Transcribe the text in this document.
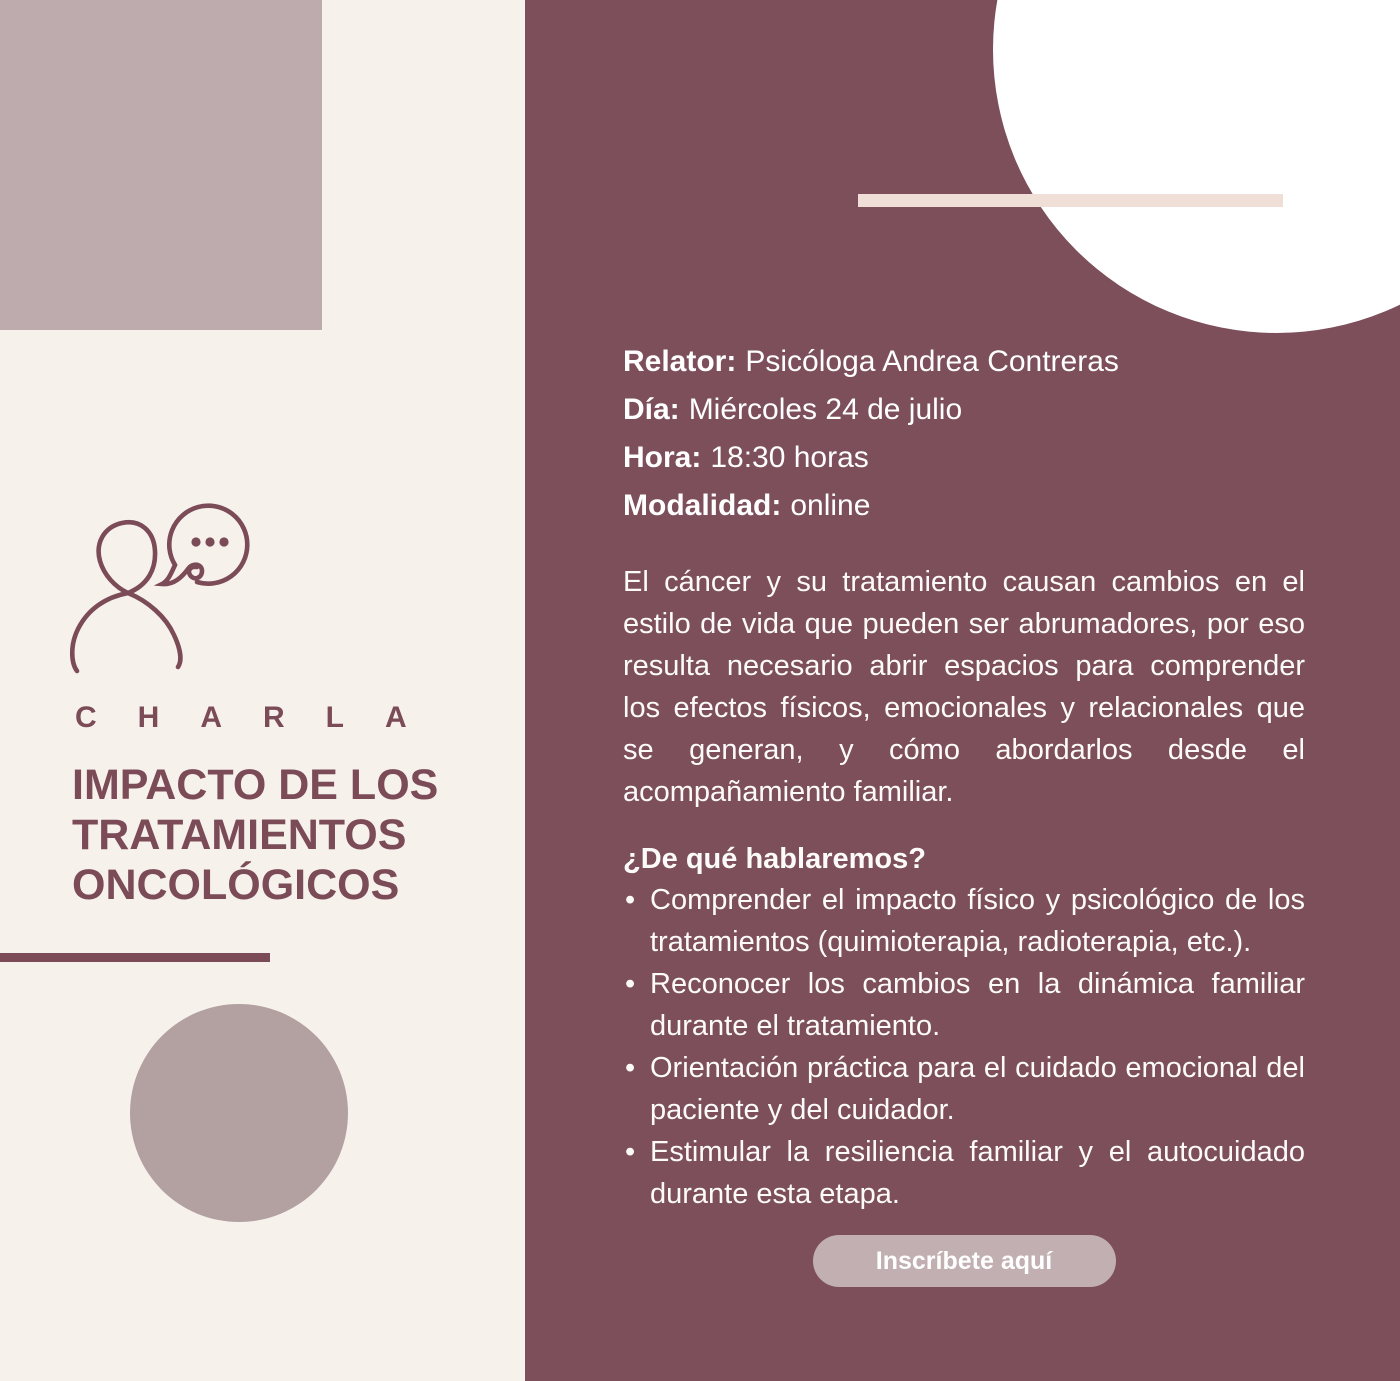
CHARLA
IMPACTO DE LOS
TRATAMIENTOS
ONCOLÓGICOS
Relator: Psicóloga Andrea Contreras
Día: Miércoles 24 de julio
Hora: 18:30 horas
Modalidad: online

El cáncer y su tratamiento causan cambios en el estilo de vida que pueden ser abrumadores, por eso resulta necesario abrir espacios para comprender los efectos físicos, emocionales y relacionales que se generan, y cómo abordarlos desde el acompañamiento familiar.

¿De qué hablaremos?
• Comprender el impacto físico y psicológico de los tratamientos (quimioterapia, radioterapia, etc.).
• Reconocer los cambios en la dinámica familiar durante el tratamiento.
• Orientación práctica para el cuidado emocional del paciente y del cuidador.
• Estimular la resiliencia familiar y el autocuidado durante esta etapa.
Inscríbete aquí
